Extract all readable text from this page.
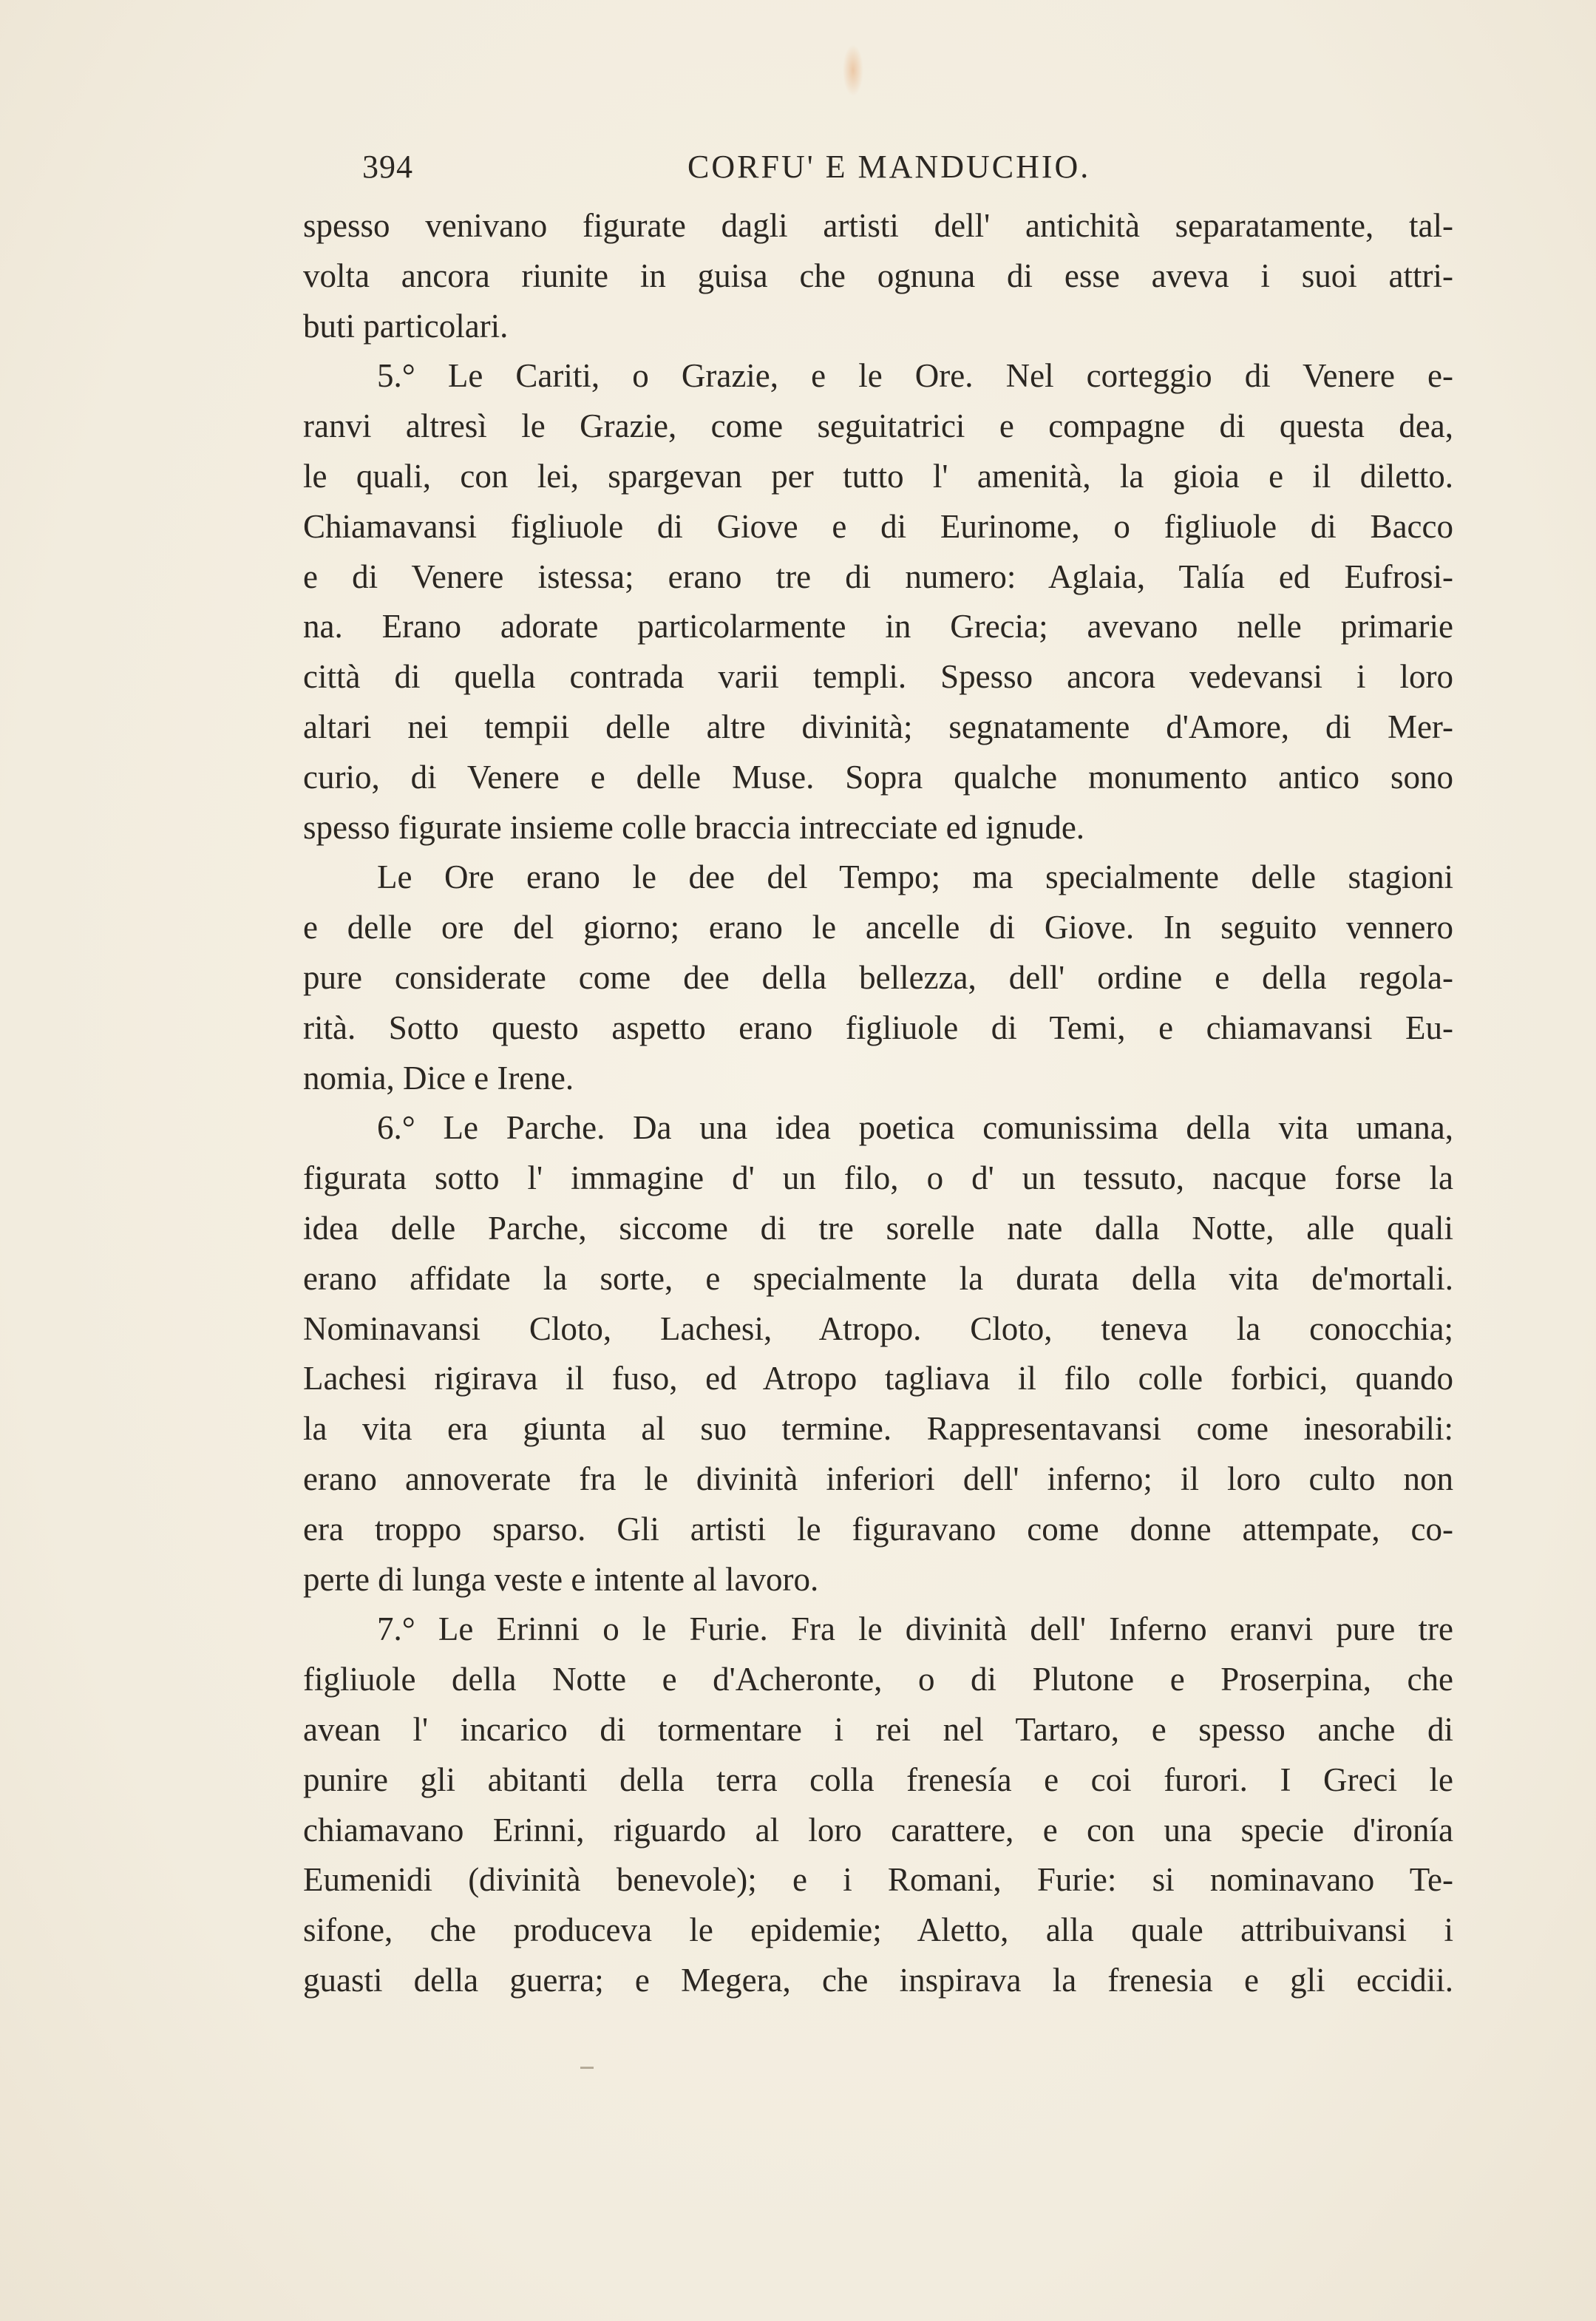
394	CORFU' E MANDUCHIO.
spesso venivano figurate dagli artisti dell' antichità separatamente, tal-
volta ancora riunite in guisa che ognuna di esse aveva i suoi attri-
buti particolari.
5.° Le Cariti, o Grazie, e le Ore. Nel corteggio di Venere e-
ranvi altresì le Grazie, come seguitatrici e compagne di questa dea,
le quali, con lei, spargevan per tutto l' amenità, la gioia e il diletto.
Chiamavansi figliuole di Giove e di Eurinome, o figliuole di Bacco
e di Venere istessa; erano tre di numero: Aglaia, Talía ed Eufrosi-
na. Erano adorate particolarmente in Grecia; avevano nelle primarie
città di quella contrada varii templi. Spesso ancora vedevansi i loro
altari nei tempii delle altre divinità; segnatamente d'Amore, di Mer-
curio, di Venere e delle Muse. Sopra qualche monumento antico sono
spesso figurate insieme colle braccia intrecciate ed ignude.
Le Ore erano le dee del Tempo; ma specialmente delle stagioni
e delle ore del giorno; erano le ancelle di Giove. In seguito vennero
pure considerate come dee della bellezza, dell' ordine e della regola-
rità. Sotto questo aspetto erano figliuole di Temi, e chiamavansi Eu-
nomia, Dice e Irene.
6.° Le Parche. Da una idea poetica comunissima della vita umana,
figurata sotto l' immagine d' un filo, o d' un tessuto, nacque forse la
idea delle Parche, siccome di tre sorelle nate dalla Notte, alle quali
erano affidate la sorte, e specialmente la durata della vita de'mortali.
Nominavansi Cloto, Lachesi, Atropo. Cloto, teneva la conocchia;
Lachesi rigirava il fuso, ed Atropo tagliava il filo colle forbici, quando
la vita era giunta al suo termine. Rappresentavansi come inesorabili:
erano annoverate fra le divinità inferiori dell' inferno; il loro culto non
era troppo sparso. Gli artisti le figuravano come donne attempate, co-
perte di lunga veste e intente al lavoro.
7.° Le Erinni o le Furie. Fra le divinità dell' Inferno eranvi pure tre
figliuole della Notte e d'Acheronte, o di Plutone e Proserpina, che
avean l' incarico di tormentare i rei nel Tartaro, e spesso anche di
punire gli abitanti della terra colla frenesía e coi furori. I Greci le
chiamavano Erinni, riguardo al loro carattere, e con una specie d'ironía
Eumenidi (divinità benevole); e i Romani, Furie: si nominavano Te-
sifone, che produceva le epidemie; Aletto, alla quale attribuivansi i
guasti della guerra; e Megera, che inspirava la frenesia e gli eccidii.
